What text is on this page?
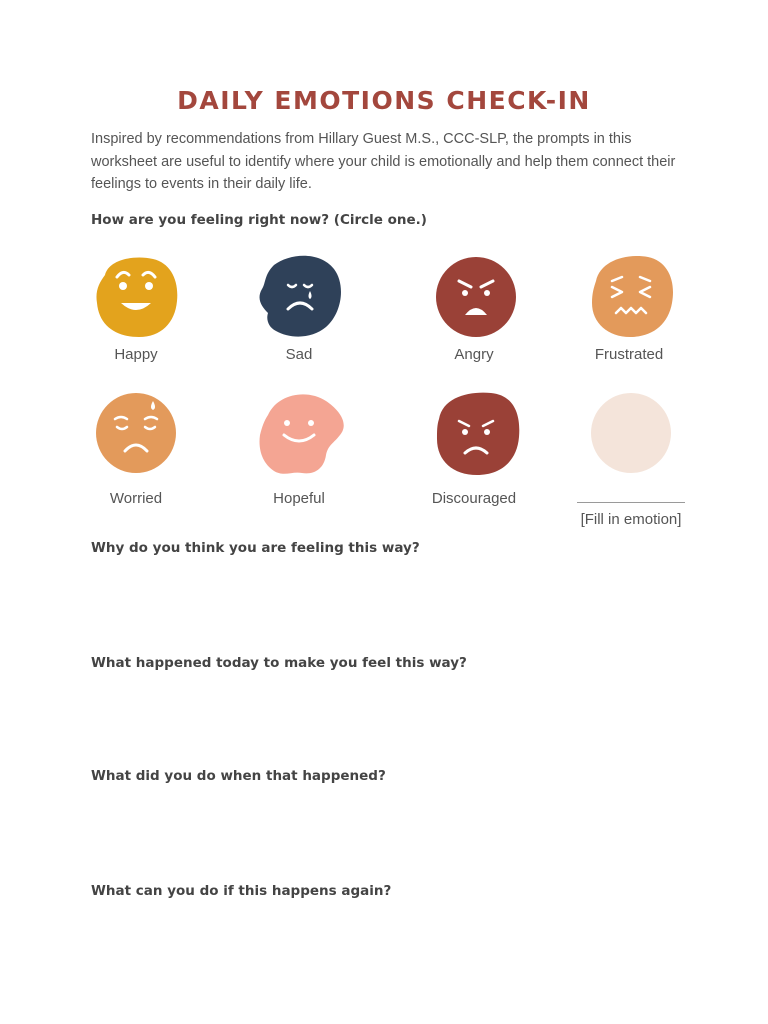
DAILY EMOTIONS CHECK-IN
Inspired by recommendations from Hillary Guest M.S., CCC-SLP, the prompts in this worksheet are useful to identify where your child is emotionally and help them connect their feelings to events in their daily life.
How are you feeling right now? (Circle one.)
Happy	Sad	Angry	Frustrated
Worried	Hopeful	Discouraged
[Fill in emotion]
Why do you think you are feeling this way?
What happened today to make you feel this way?
What did you do when that happened?
What can you do if this happens again?
